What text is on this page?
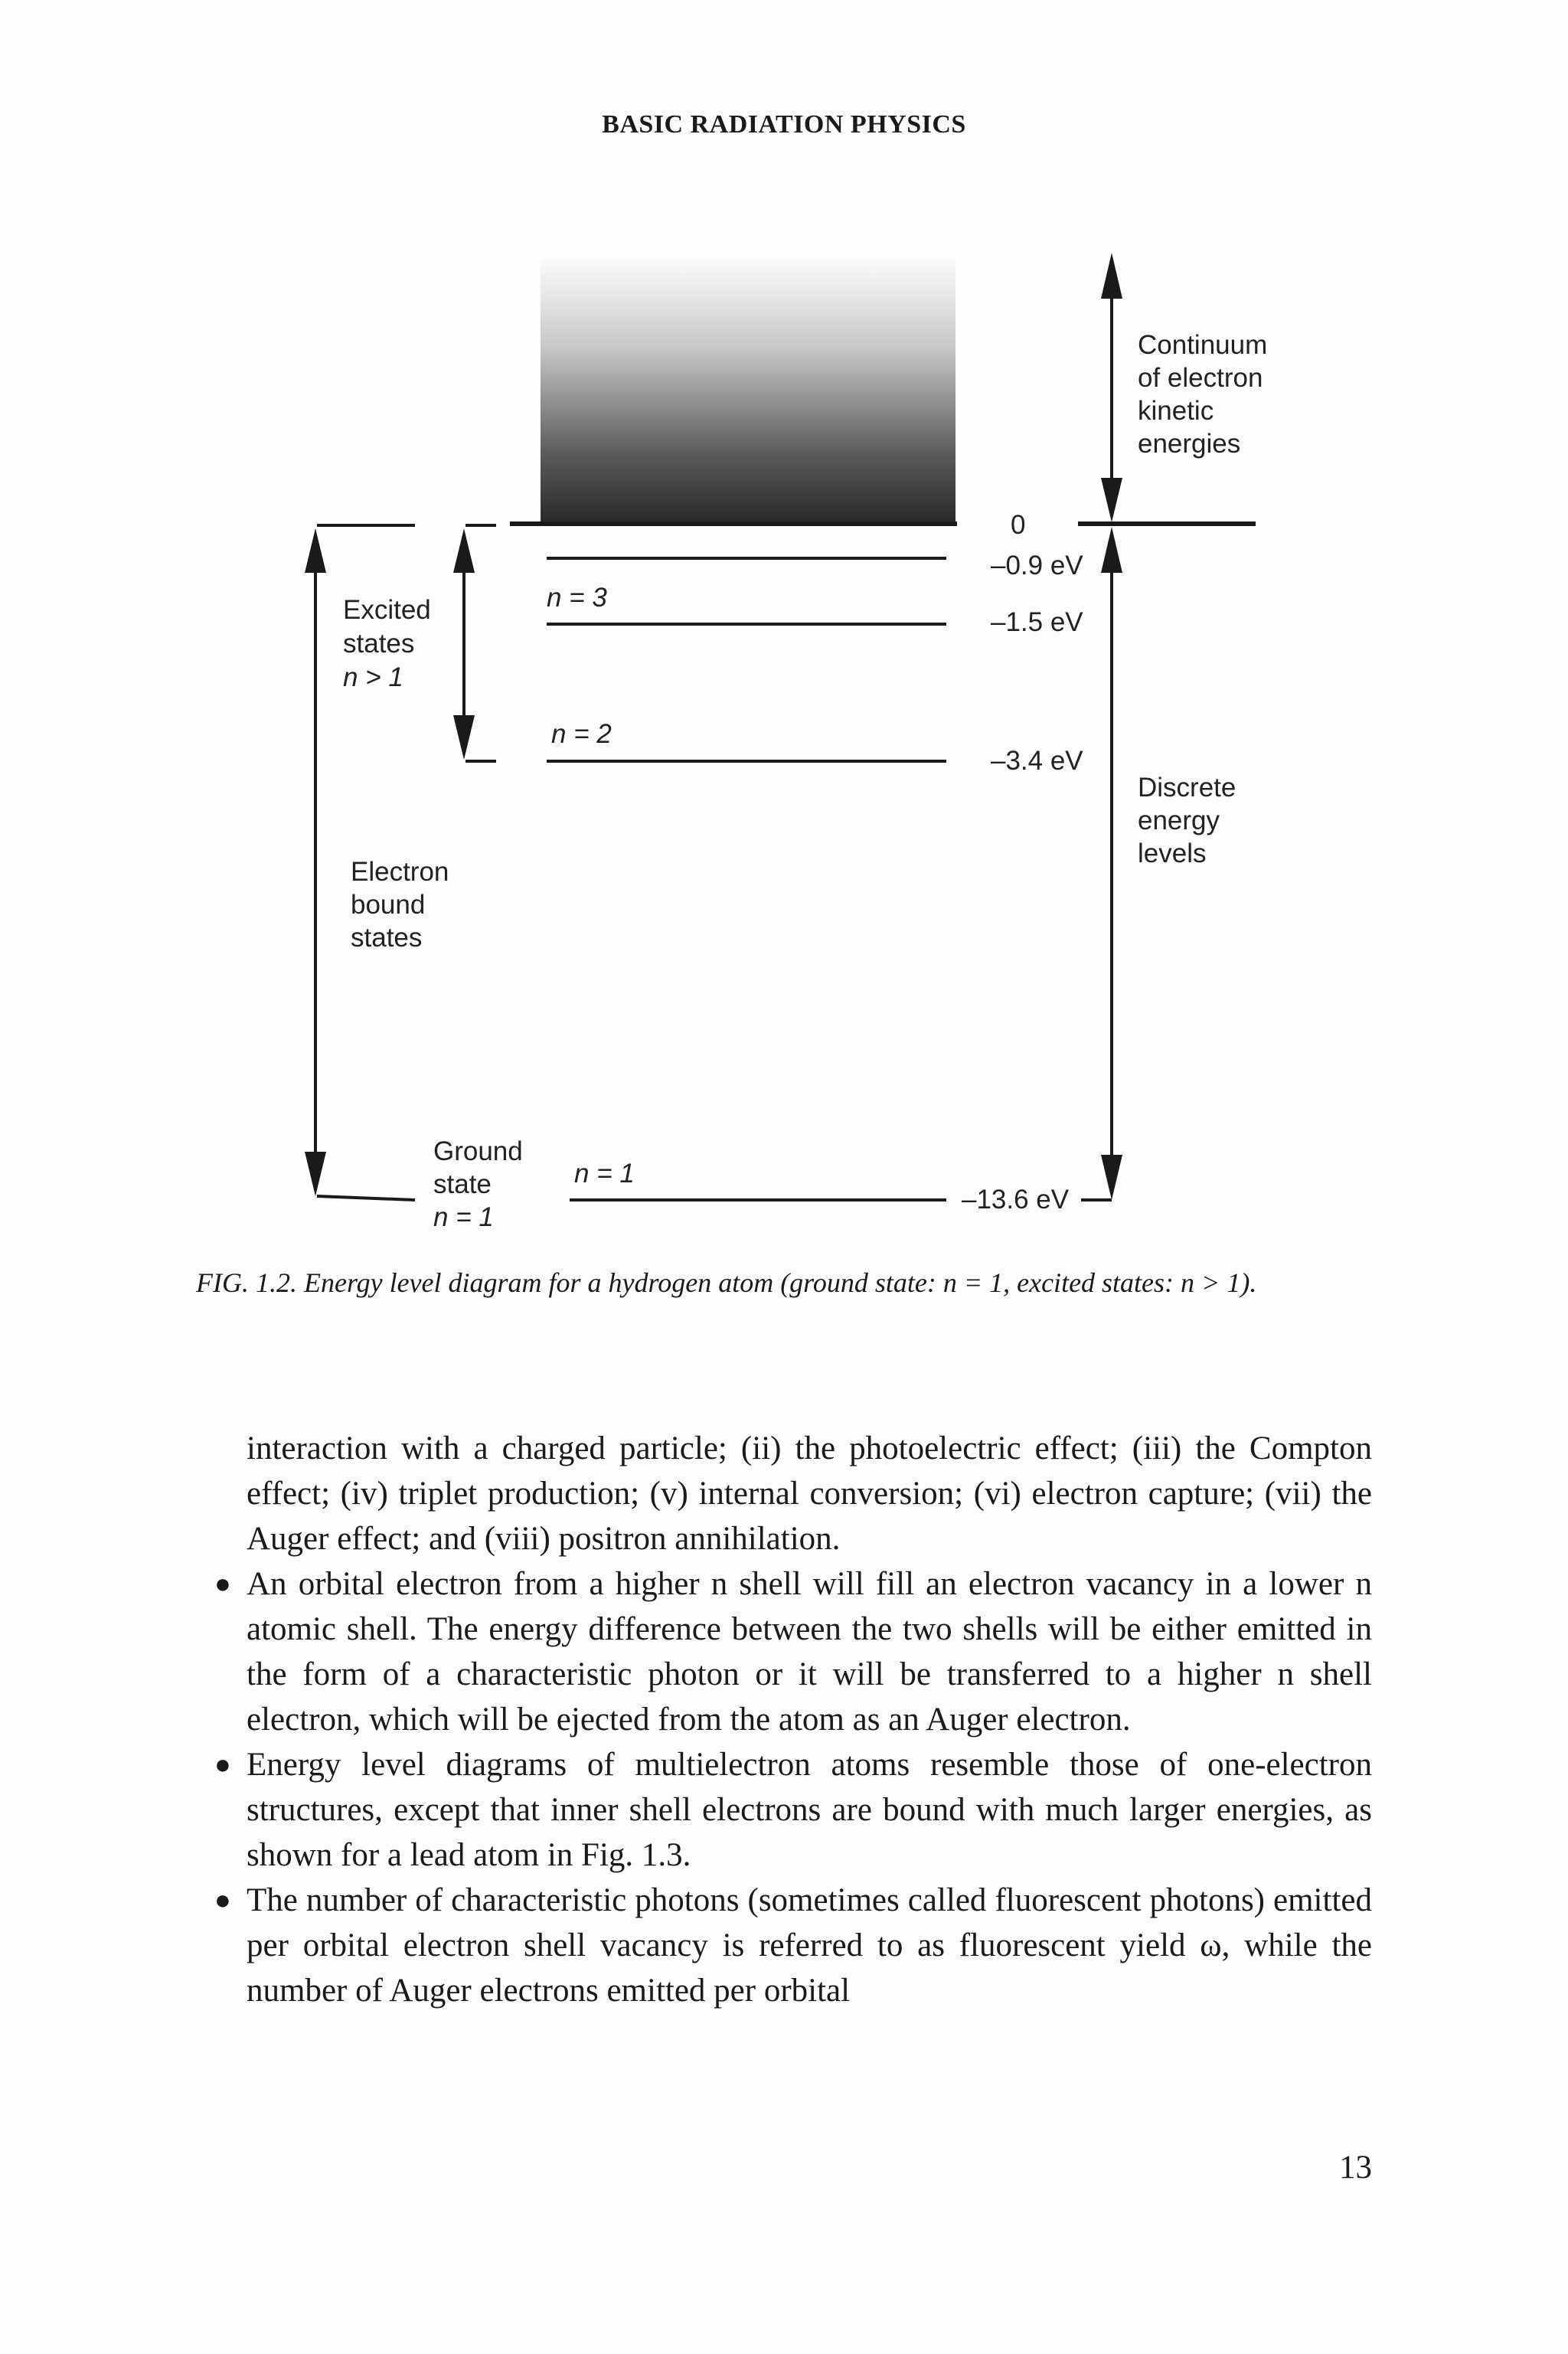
BASIC RADIATION PHYSICS
Continuum of electron kinetic energies
Discrete energy levels
Excited states n > 1
Electron bound states
Ground state n = 1
n = 3
n = 2
n = 1
0
–0.9 eV
–1.5 eV
–3.4 eV
–13.6 eV
FIG. 1.2. Energy level diagram for a hydrogen atom (ground state: n = 1, excited states: n > 1).

interaction with a charged particle; (ii) the photoelectric effect; (iii) the Compton effect; (iv) triplet production; (v) internal conversion; (vi) electron capture; (vii) the Auger effect; and (viii) positron annihilation.

● An orbital electron from a higher n shell will fill an electron vacancy in a lower n atomic shell. The energy difference between the two shells will be either emitted in the form of a characteristic photon or it will be transferred to a higher n shell electron, which will be ejected from the atom as an Auger electron.

● Energy level diagrams of multielectron atoms resemble those of one-electron structures, except that inner shell electrons are bound with much larger energies, as shown for a lead atom in Fig. 1.3.

● The number of characteristic photons (sometimes called fluorescent photons) emitted per orbital electron shell vacancy is referred to as fluorescent yield ω, while the number of Auger electrons emitted per orbital

13
